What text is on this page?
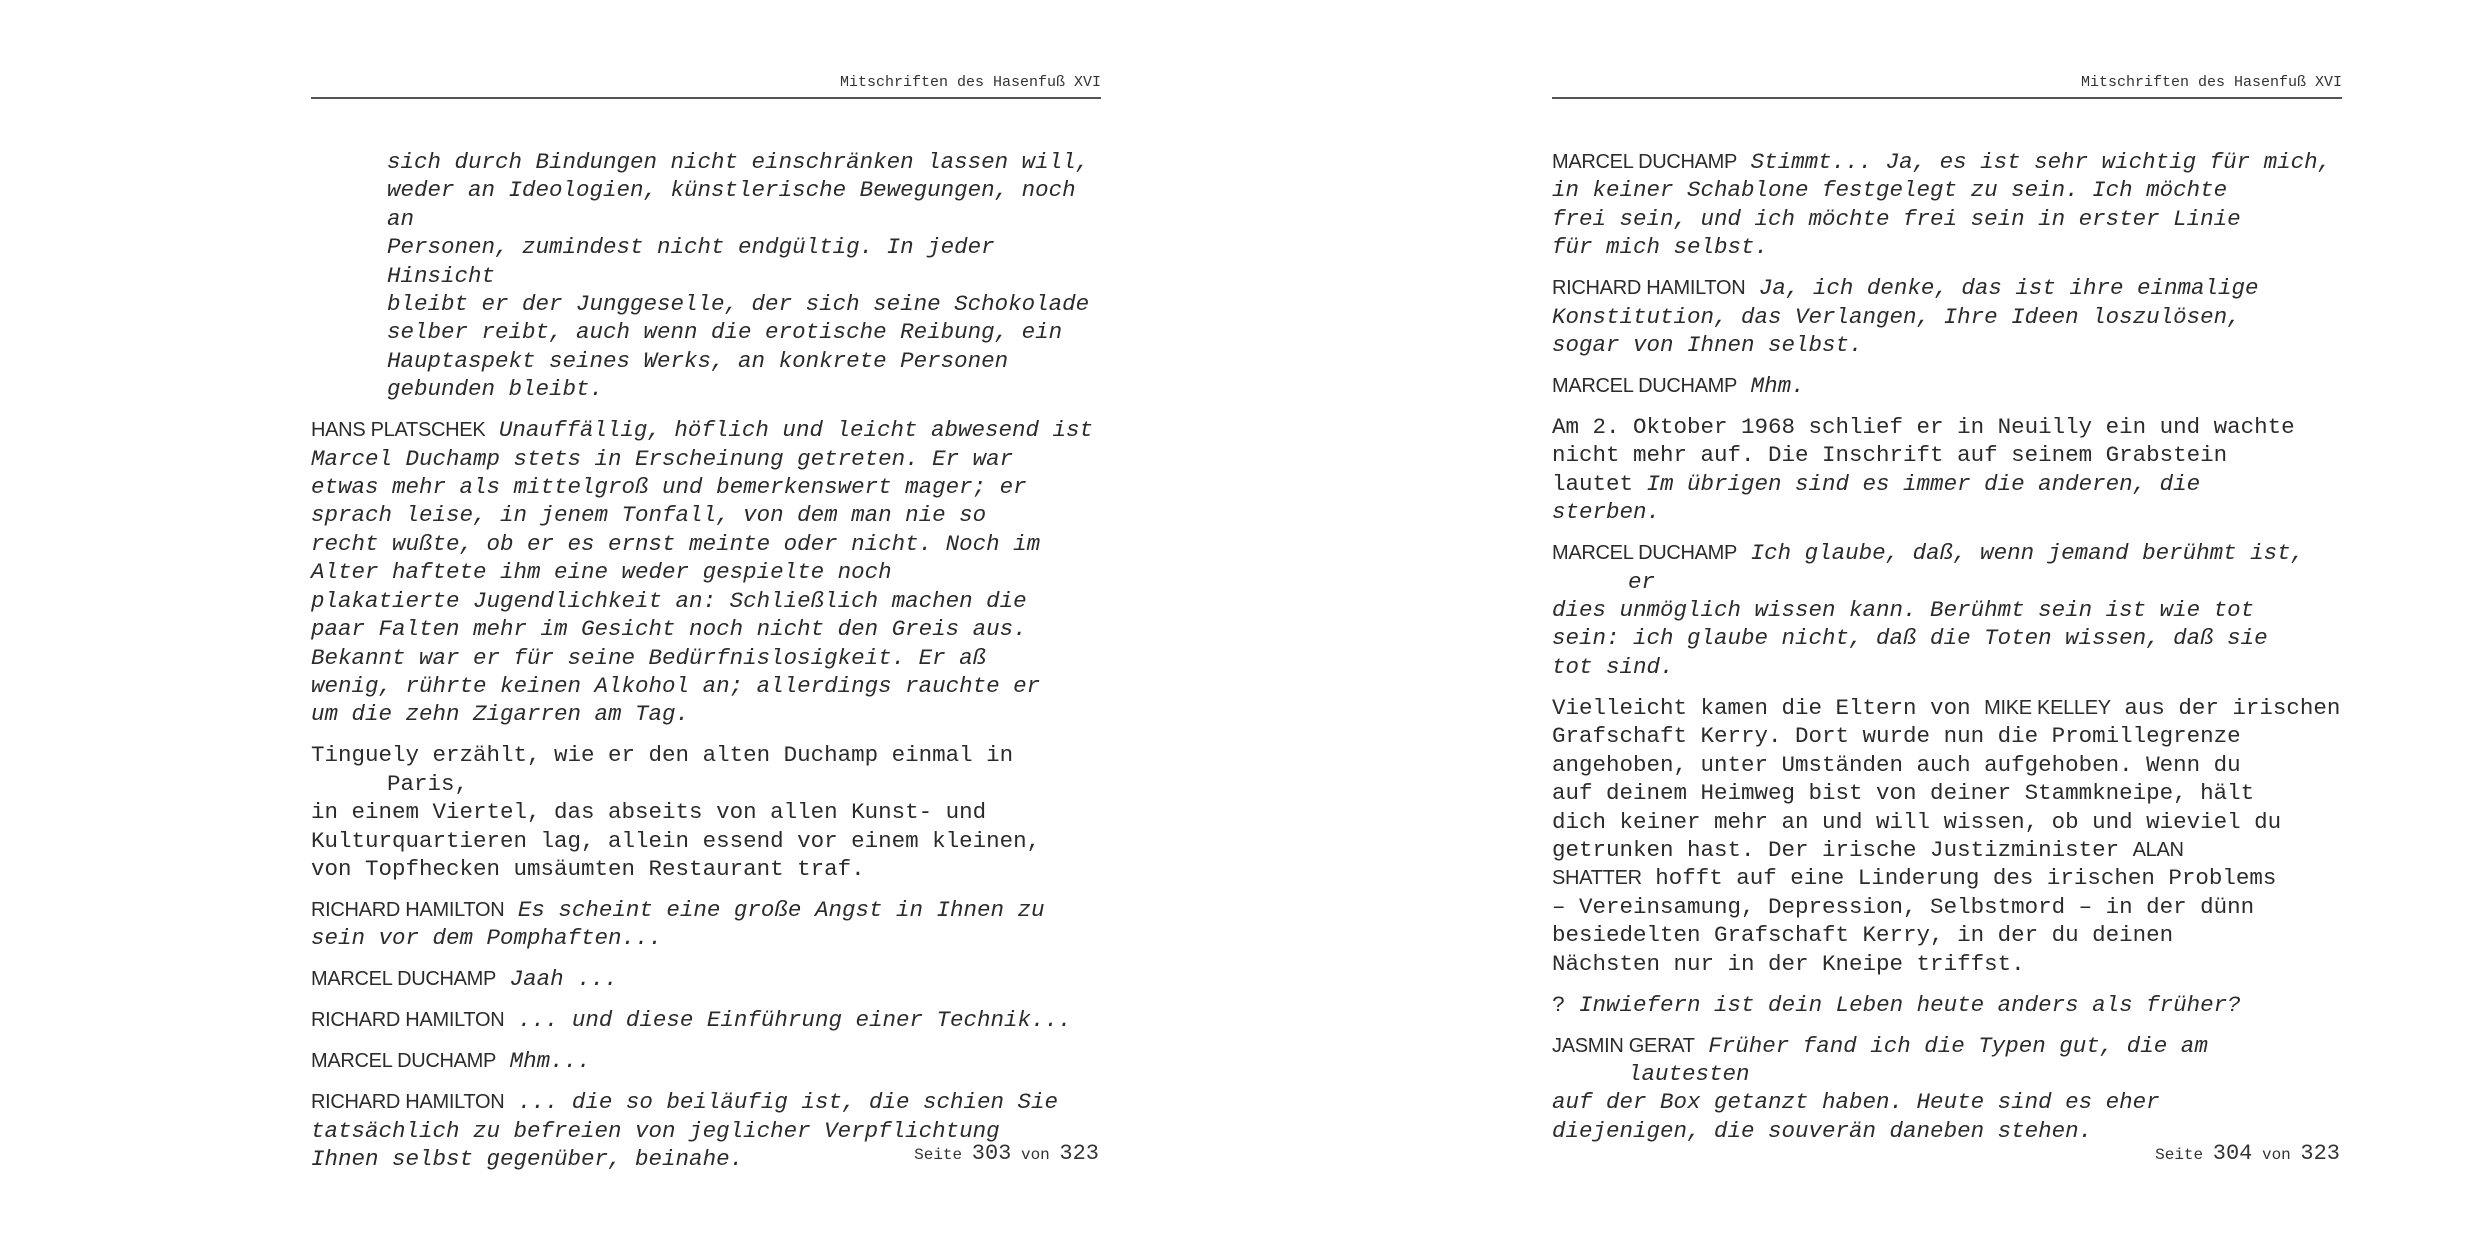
Mitschriften des Hasenfuß XVI

sich durch Bindungen nicht einschränken lassen will,
weder an Ideologien, künstlerische Bewegungen, noch an
Personen, zumindest nicht endgültig. In jeder Hinsicht
bleibt er der Junggeselle, der sich seine Schokolade
selber reibt, auch wenn die erotische Reibung, ein
Hauptaspekt seines Werks, an konkrete Personen
gebunden bleibt.

HANS PLATSCHEK Unauffällig, höflich und leicht abwesend ist
Marcel Duchamp stets in Erscheinung getreten. Er war
etwas mehr als mittelgroß und bemerkenswert mager; er
sprach leise, in jenem Tonfall, von dem man nie so
recht wußte, ob er es ernst meinte oder nicht. Noch im
Alter haftete ihm eine weder gespielte noch
plakatierte Jugendlichkeit an: Schließlich machen die
paar Falten mehr im Gesicht noch nicht den Greis aus.
Bekannt war er für seine Bedürfnislosigkeit. Er aß
wenig, rührte keinen Alkohol an; allerdings rauchte er
um die zehn Zigarren am Tag.

Tinguely erzählt, wie er den alten Duchamp einmal in Paris,
in einem Viertel, das abseits von allen Kunst- und
Kulturquartieren lag, allein essend vor einem kleinen,
von Topfhecken umsäumten Restaurant traf.

RICHARD HAMILTON Es scheint eine große Angst in Ihnen zu
sein vor dem Pomphaften...

MARCEL DUCHAMP Jaah ...

RICHARD HAMILTON ... und diese Einführung einer Technik...

MARCEL DUCHAMP Mhm...

RICHARD HAMILTON ... die so beiläufig ist, die schien Sie
tatsächlich zu befreien von jeglicher Verpflichtung
Ihnen selbst gegenüber, beinahe.	Seite 303 von 323
Mitschriften des Hasenfuß XVI

MARCEL DUCHAMP Stimmt... Ja, es ist sehr wichtig für mich,
in keiner Schablone festgelegt zu sein. Ich möchte
frei sein, und ich möchte frei sein in erster Linie
für mich selbst.

RICHARD HAMILTON Ja, ich denke, das ist ihre einmalige
Konstitution, das Verlangen, Ihre Ideen loszulösen,
sogar von Ihnen selbst.

MARCEL DUCHAMP Mhm.

Am 2. Oktober 1968 schlief er in Neuilly ein und wachte
nicht mehr auf. Die Inschrift auf seinem Grabstein
lautet Im übrigen sind es immer die anderen, die
sterben.

MARCEL DUCHAMP Ich glaube, daß, wenn jemand berühmt ist, er
dies unmöglich wissen kann. Berühmt sein ist wie tot
sein: ich glaube nicht, daß die Toten wissen, daß sie
tot sind.

Vielleicht kamen die Eltern von MIKE KELLEY aus der irischen
Grafschaft Kerry. Dort wurde nun die Promillegrenze
angehoben, unter Umständen auch aufgehoben. Wenn du
auf deinem Heimweg bist von deiner Stammkneipe, hält
dich keiner mehr an und will wissen, ob und wieviel du
getrunken hast. Der irische Justizminister ALAN
SHATTER hofft auf eine Linderung des irischen Problems
– Vereinsamung, Depression, Selbstmord – in der dünn
besiedelten Grafschaft Kerry, in der du deinen
Nächsten nur in der Kneipe triffst.

? Inwiefern ist dein Leben heute anders als früher?

JASMIN GERAT Früher fand ich die Typen gut, die am lautesten
auf der Box getanzt haben. Heute sind es eher
diejenigen, die souverän daneben stehen.

Seite 304 von 323
